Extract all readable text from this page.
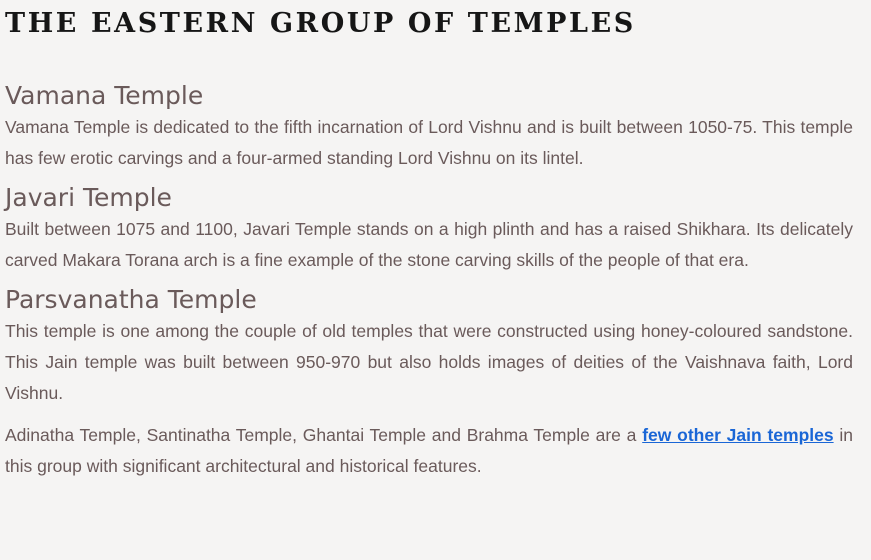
THE EASTERN GROUP OF TEMPLES
Vamana Temple

Vamana Temple is dedicated to the fifth incarnation of Lord Vishnu and is built between 1050-75. This temple has few erotic carvings and a four-armed standing Lord Vishnu on its lintel.

Javari Temple

Built between 1075 and 1100, Javari Temple stands on a high plinth and has a raised Shikhara. Its delicately carved Makara Torana arch is a fine example of the stone carving skills of the people of that era.

Parsvanatha Temple

This temple is one among the couple of old temples that were constructed using honey-coloured sandstone. This Jain temple was built between 950-970 but also holds images of deities of the Vaishnava faith, Lord Vishnu.

Adinatha Temple, Santinatha Temple, Ghantai Temple and Brahma Temple are a few other Jain temples in this group with significant architectural and historical features.
